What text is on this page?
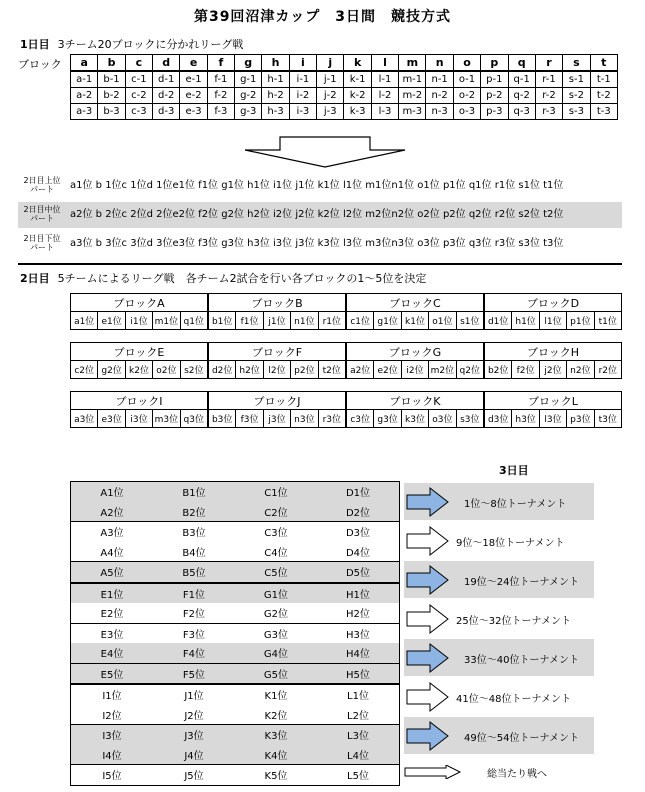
第39回沼津カップ　3日間　競技方式
1日目 3チーム20ブロックに分かれリーグ戦
ブロック a	b	c	d	e	f	g	h	i	j	k	l	m	n	o	p	q	r	s	t
a-1	b-1	c-1	d-1	e-1	f-1	g-1	h-1	i-1	j-1	k-1	l-1	m-1	n-1	o-1	p-1	q-1	r-1	s-1	t-1
a-2	b-2	c-2	d-2	e-2	f-2	g-2	h-2	i-2	j-2	k-2	l-2	m-2	n-2	o-2	p-2	q-2	r-2	s-2	t-2
a-3	b-3	c-3	d-3	e-3	f-3	g-3	h-3	i-3	j-3	k-3	l-3	m-3	n-3	o-3	p-3	q-3	r-3	s-3	t-3
2日目上位
パート	a1位 b 1位c 1位d 1位e1位 f1位 g1位 h1位 i1位 j1位 k1位 l1位 m1位n1位 o1位 p1位 q1位 r1位 s1位 t1位
2日目中位
パート	a2位 b 2位c 2位d 2位e2位 f2位 g2位 h2位 i2位 j2位 k2位 l2位 m2位n2位 o2位 p2位 q2位 r2位 s2位 t2位
2日目下位
パート	a3位 b 3位c 3位d 3位e3位 f3位 g3位 h3位 i3位 j3位 k3位 l3位 m3位n3位 o3位 p3位 q3位 r3位 s3位 t3位
2日目 5チームによるリーグ戦　各チーム2試合を行い各ブロックの1～5位を決定
ブロックA
a1位	e1位	i1位	m1位	q1位
ブロックB
b1位	f1位	j1位	n1位	r1位
ブロックC
c1位	g1位	k1位	o1位	s1位
ブロックD
d1位	h1位	l1位	p1位	t1位
ブロックE
c2位	g2位	k2位	o2位	s2位
ブロックF
d2位	h2位	l2位	p2位	t2位
ブロックG
a2位	e2位	i2位	m2位	q2位
ブロックH
b2位	f2位	j2位	n2位	r2位
ブロックI
a3位	e3位	i3位	m3位	q3位
ブロックJ
b3位	f3位	j3位	n3位	r3位
ブロックK
c3位	g3位	k3位	o3位	s3位
ブロックL
d3位	h3位	l3位	p3位	t3位
3日目
A1位	B1位	C1位	D1位
A2位	B2位	C2位	D2位
A3位	B3位	C3位	D3位
A4位	B4位	C4位	D4位
A5位	B5位	C5位	D5位
E1位	F1位	G1位	H1位
E2位	F2位	G2位	H2位
E3位	F3位	G3位	H3位
E4位	F4位	G4位	H4位
E5位	F5位	G5位	H5位
I1位	J1位	K1位	L1位
I2位	J2位	K2位	L2位
I3位	J3位	K3位	L3位
I4位	J4位	K4位	L4位
I5位	J5位	K5位	L5位
1位～8位トーナメント
9位～18位トーナメント
19位～24位トーナメント
25位～32位トーナメント
33位～40位トーナメント
41位～48位トーナメント
49位～54位トーナメント
総当たり戦へ
